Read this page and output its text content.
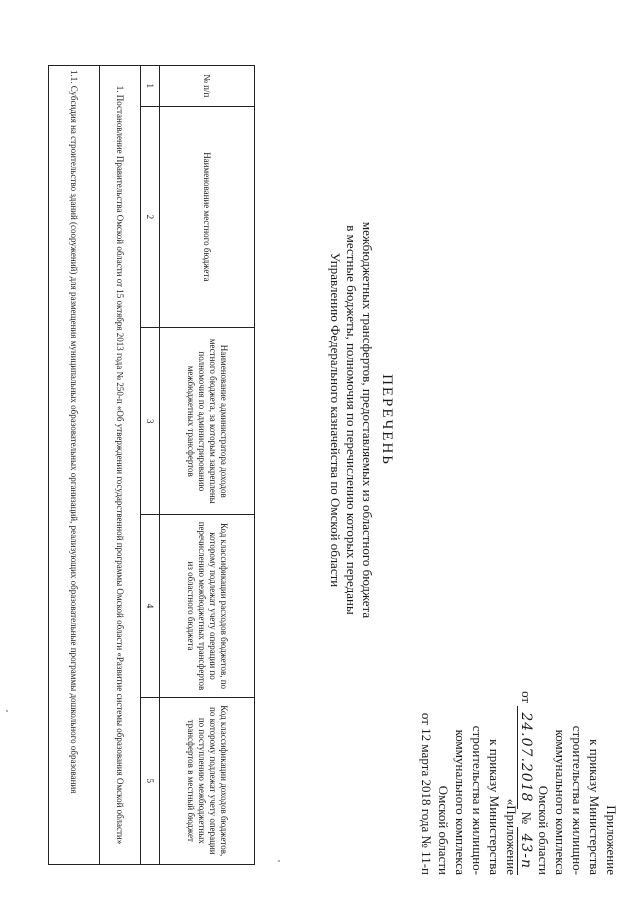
Приложение
к приказу Министерства
строительства и жилищно-
коммунального комплекса
Омской области
от 24.07.2018 № 43-п
«Приложение
к приказу Министерства
строительства и жилищно-
коммунального комплекса
Омской области
от 12 марта 2018 года № 11-п
ПЕРЕЧЕНЬ
межбюджетных трансфертов, предоставляемых из областного бюджета
в местные бюджеты, полномочия по перечислению которых переданы
Управлению Федерального казначейства по Омской области
№ п/п	Наименование местного бюджета	Наименование администратора доходов местного бюджета, за которым закреплены полномочия по администрированию межбюджетных трансфертов	Код классификации расходов бюджетов, по которому подлежат учету операции по перечислению межбюджетных трансфертов из областного бюджета	Код классификации доходов бюджетов, по которому подлежат учету операции по поступлению межбюджетных трансфертов в местный бюджет
1	2	3	4	5
1. Постановление Правительства Омской области от 15 октября 2013 года № 250-п «Об утверждении государственной программы Омской области «Развитие системы образования Омской области»				
1.1. Субсидия на строительство зданий (сооружений) для размещения муниципальных образовательных организаций, реализующих образовательные программы дошкольного образования				
